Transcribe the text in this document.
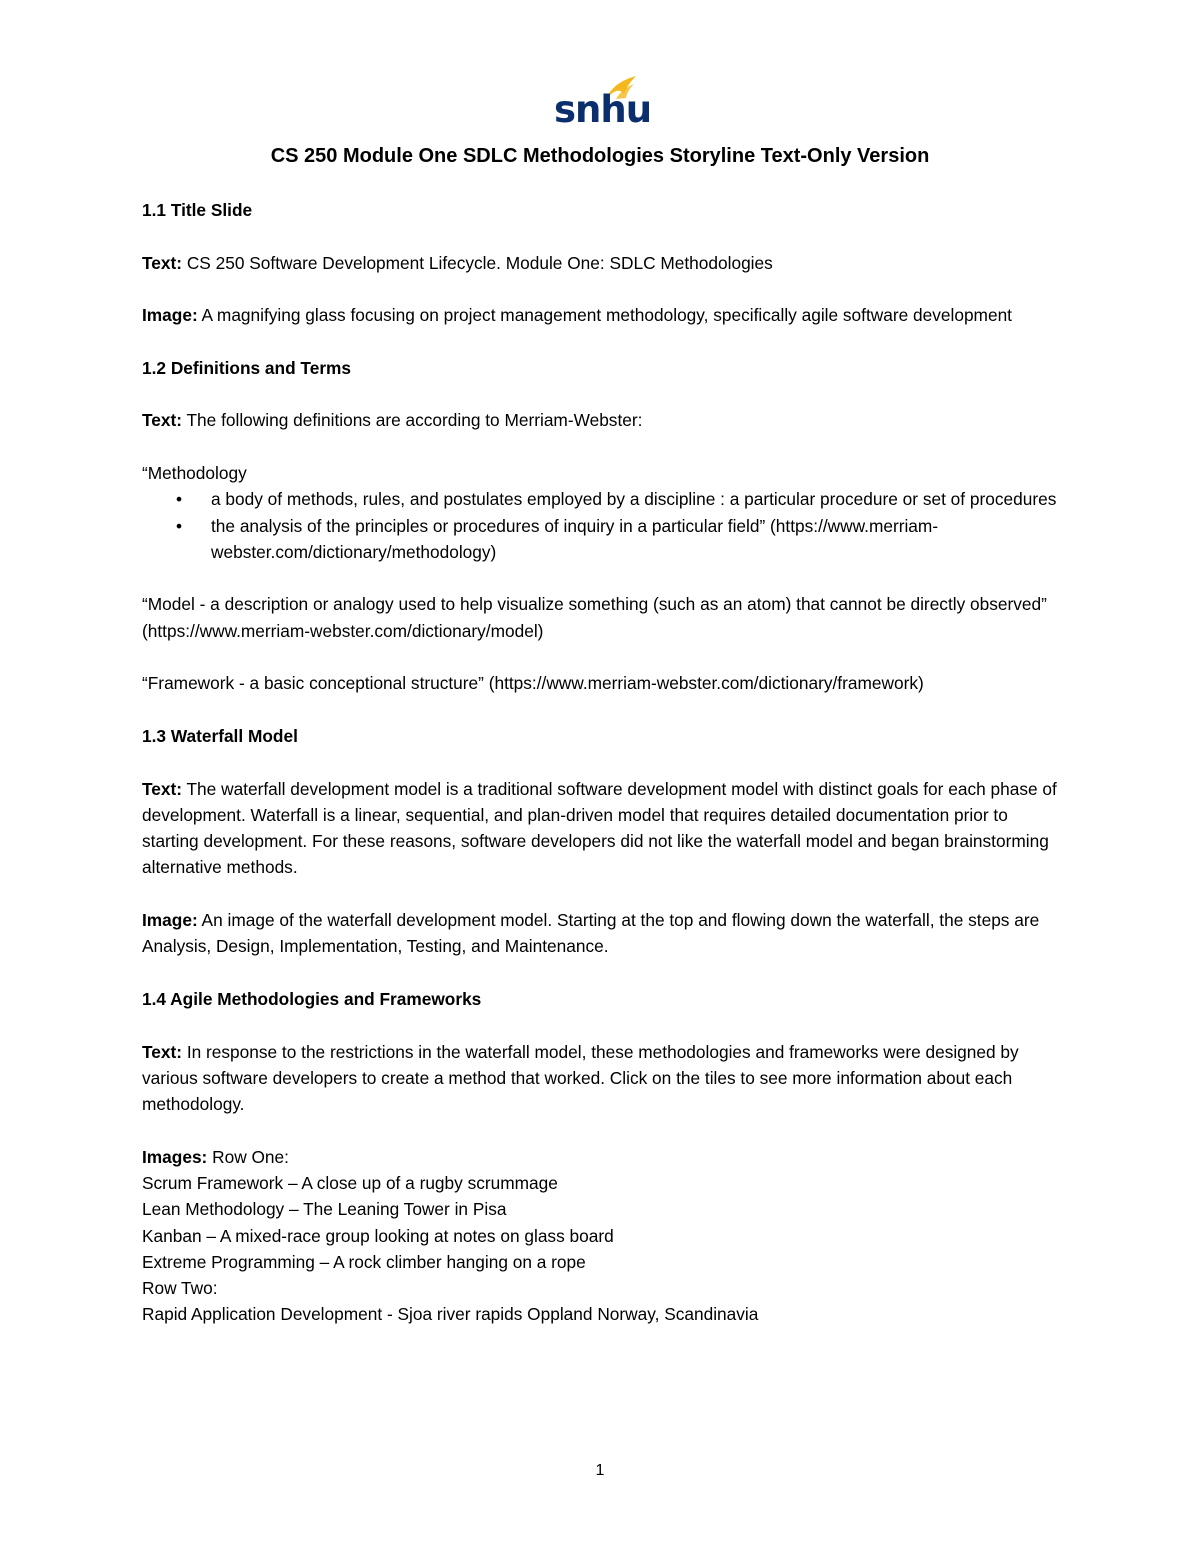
snhu
CS 250 Module One SDLC Methodologies Storyline Text-Only Version
1.1 Title Slide

Text: CS 250 Software Development Lifecycle. Module One: SDLC Methodologies

Image: A magnifying glass focusing on project management methodology, specifically agile software development

1.2 Definitions and Terms

Text: The following definitions are according to Merriam-Webster:

“Methodology

• a body of methods, rules, and postulates employed by a discipline : a particular procedure or set of procedures
• the analysis of the principles or procedures of inquiry in a particular field” (https://www.merriam-webster.com/dictionary/methodology)

“Model - a description or analogy used to help visualize something (such as an atom) that cannot be directly observed” (https://www.merriam-webster.com/dictionary/model)

“Framework - a basic conceptional structure” (https://www.merriam-webster.com/dictionary/framework)

1.3 Waterfall Model

Text: The waterfall development model is a traditional software development model with distinct goals for each phase of development. Waterfall is a linear, sequential, and plan-driven model that requires detailed documentation prior to starting development. For these reasons, software developers did not like the waterfall model and began brainstorming alternative methods.

Image: An image of the waterfall development model. Starting at the top and flowing down the waterfall, the steps are Analysis, Design, Implementation, Testing, and Maintenance.

1.4 Agile Methodologies and Frameworks

Text: In response to the restrictions in the waterfall model, these methodologies and frameworks were designed by various software developers to create a method that worked. Click on the tiles to see more information about each methodology.

Images: Row One:
Scrum Framework – A close up of a rugby scrummage
Lean Methodology – The Leaning Tower in Pisa
Kanban – A mixed-race group looking at notes on glass board
Extreme Programming – A rock climber hanging on a rope
Row Two:
Rapid Application Development - Sjoa river rapids Oppland Norway, Scandinavia
1
